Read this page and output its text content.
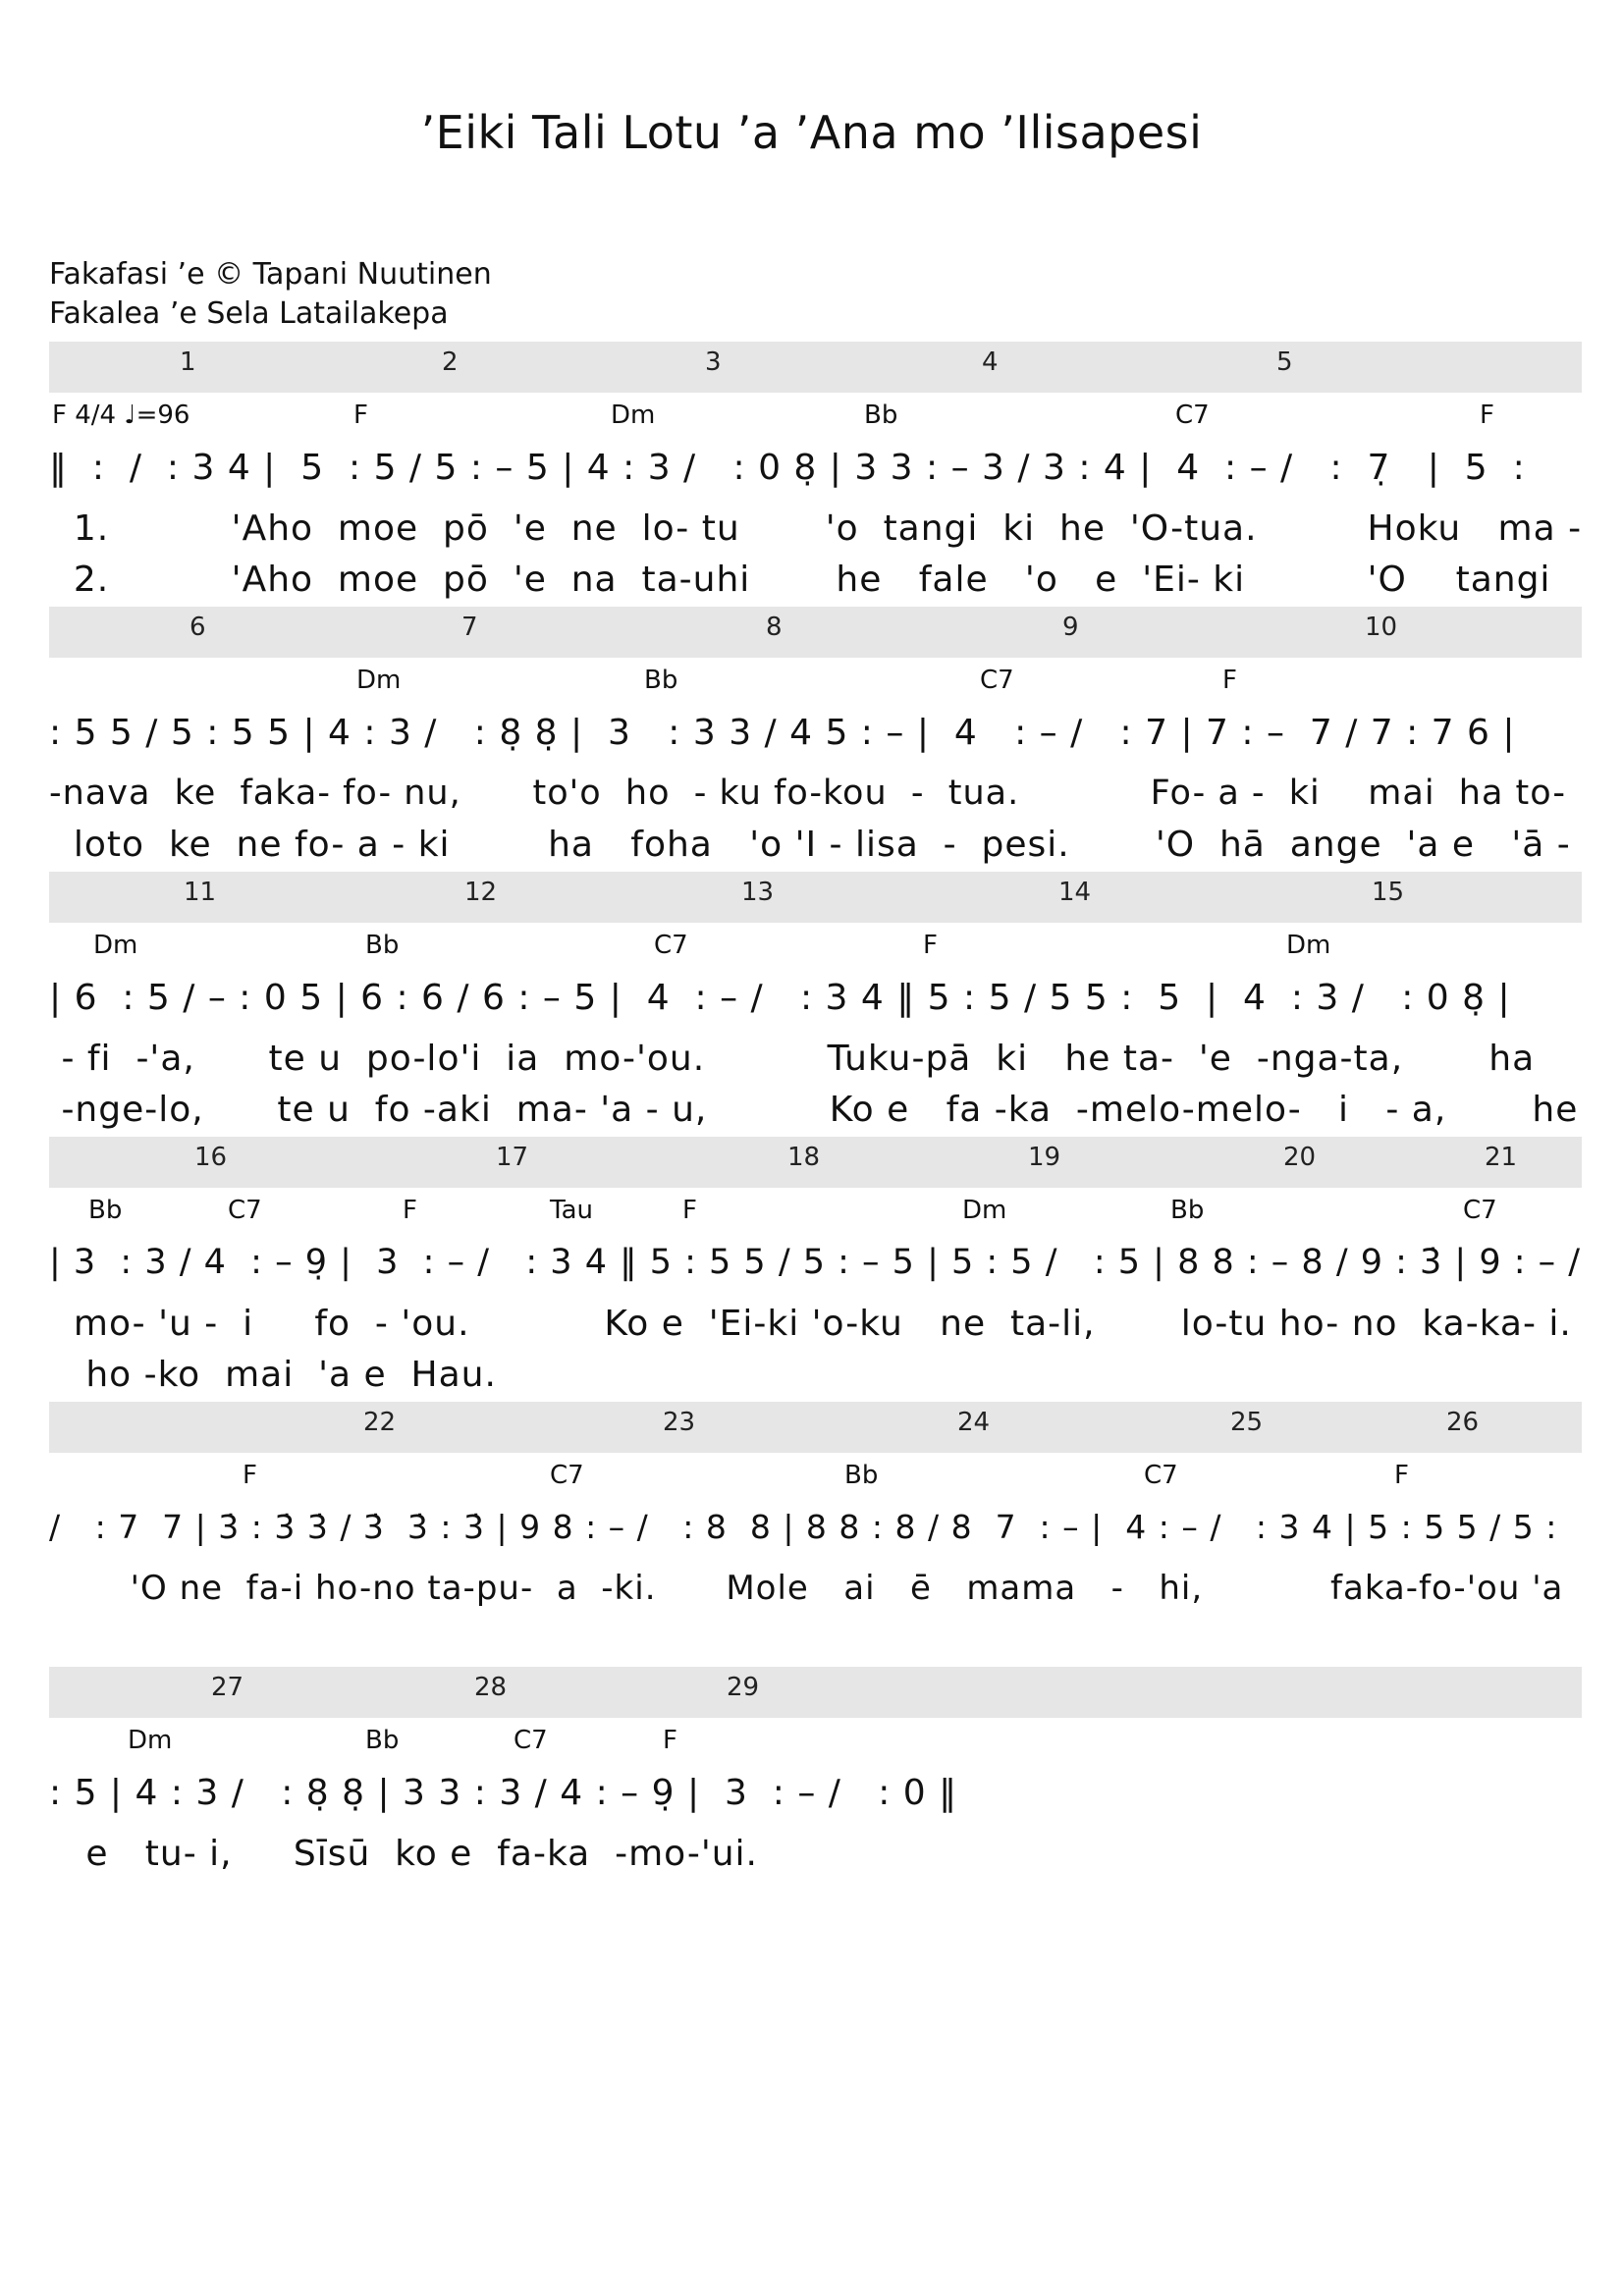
’Eiki Tali Lotu ’a ’Ana mo ’Ilisapesi
Fakafasi ’e © Tapani Nuutinen
Fakalea ’e Sela Latailakepa
1	2	3	4	5
F 4/4 ♩=96	F	Dm	Bb	C7	F
‖  :  /  : 3 4 |  5  : 5 / 5 : – 5 | 4 : 3 /   : 0 8̣ | 3 3 : – 3 / 3 : 4 |  4  : – /   :  7̣   |  5  :
1.          'Aho  moe  pō  'e  ne  lo- tu       'o  tangi  ki  he  'O-tua.         Hoku   ma -
2.          'Aho  moe  pō  'e  na  ta-uhi       he   fale   'o   e  'Ei- ki          'O    tangi
6	7	8	9	10
Dm	Bb	C7	F
: 5 5 / 5 : 5 5 | 4 : 3 /   : 8̣ 8̣ |  3   : 3 3 / 4 5 : – |  4   : – /   : 7 | 7 : –  7 / 7 : 7 6 |
-nava  ke  faka- fo- nu,      to'o  ho  - ku fo-kou  -  tua.           Fo- a -  ki    mai  ha to-
loto  ke  ne fo- a - ki        ha   foha   'o 'I - lisa  -  pesi.       'O  hā  ange  'a e   'ā -
11	12	13	14	15
Dm	Bb	C7	F	Dm
| 6  : 5 / – : 0 5 | 6 : 6 / 6 : – 5 |  4  : – /   : 3 4 ‖ 5 : 5 / 5 5 :  5  |  4  : 3 /   : 0 8̣ |
- fi  -'a,      te u  po-lo'i  ia  mo-'ou.          Tuku-pā  ki   he ta-  'e  -nga-ta,       ha
-nge-lo,      te u  fo -aki  ma- 'a - u,          Ko e   fa -ka  -melo-melo-   i   - a,       he
16	17	18	19	20	21
Bb	C7	F	Tau	F	Dm	Bb	C7
| 3  : 3 / 4  : – 9̣ |  3  : – /   : 3 4 ‖ 5 : 5 5 / 5 : – 5 | 5 : 5 /   : 5 | 8 8 : – 8 / 9 : 3̇ | 9 : – /
mo- 'u -  i     fo  - 'ou.           Ko e  'Ei-ki 'o-ku   ne  ta-li,       lo-tu ho- no  ka-ka- i.
ho -ko  mai  'a e  Hau.
22	23	24	25	26
F	C7	Bb	C7	F
/   : 7  7 | 3̇ : 3̇ 3̇ / 3̇  3̇ : 3̇ | 9 8 : – /   : 8  8 | 8 8 : 8 / 8  7  : – |  4 : – /   : 3 4 | 5 : 5 5 / 5 :
'O ne  fa-i ho-no ta-pu-  a  -ki.      Mole   ai   ē   mama   -   hi,           faka-fo-'ou 'a
27	28	29
Dm	Bb	C7	F
: 5 | 4 : 3 /   : 8̣ 8̣ | 3 3 : 3 / 4 : – 9̣ |  3  : – /   : 0 ‖
e   tu- i,     Sīsū  ko e  fa-ka  -mo-'ui.
